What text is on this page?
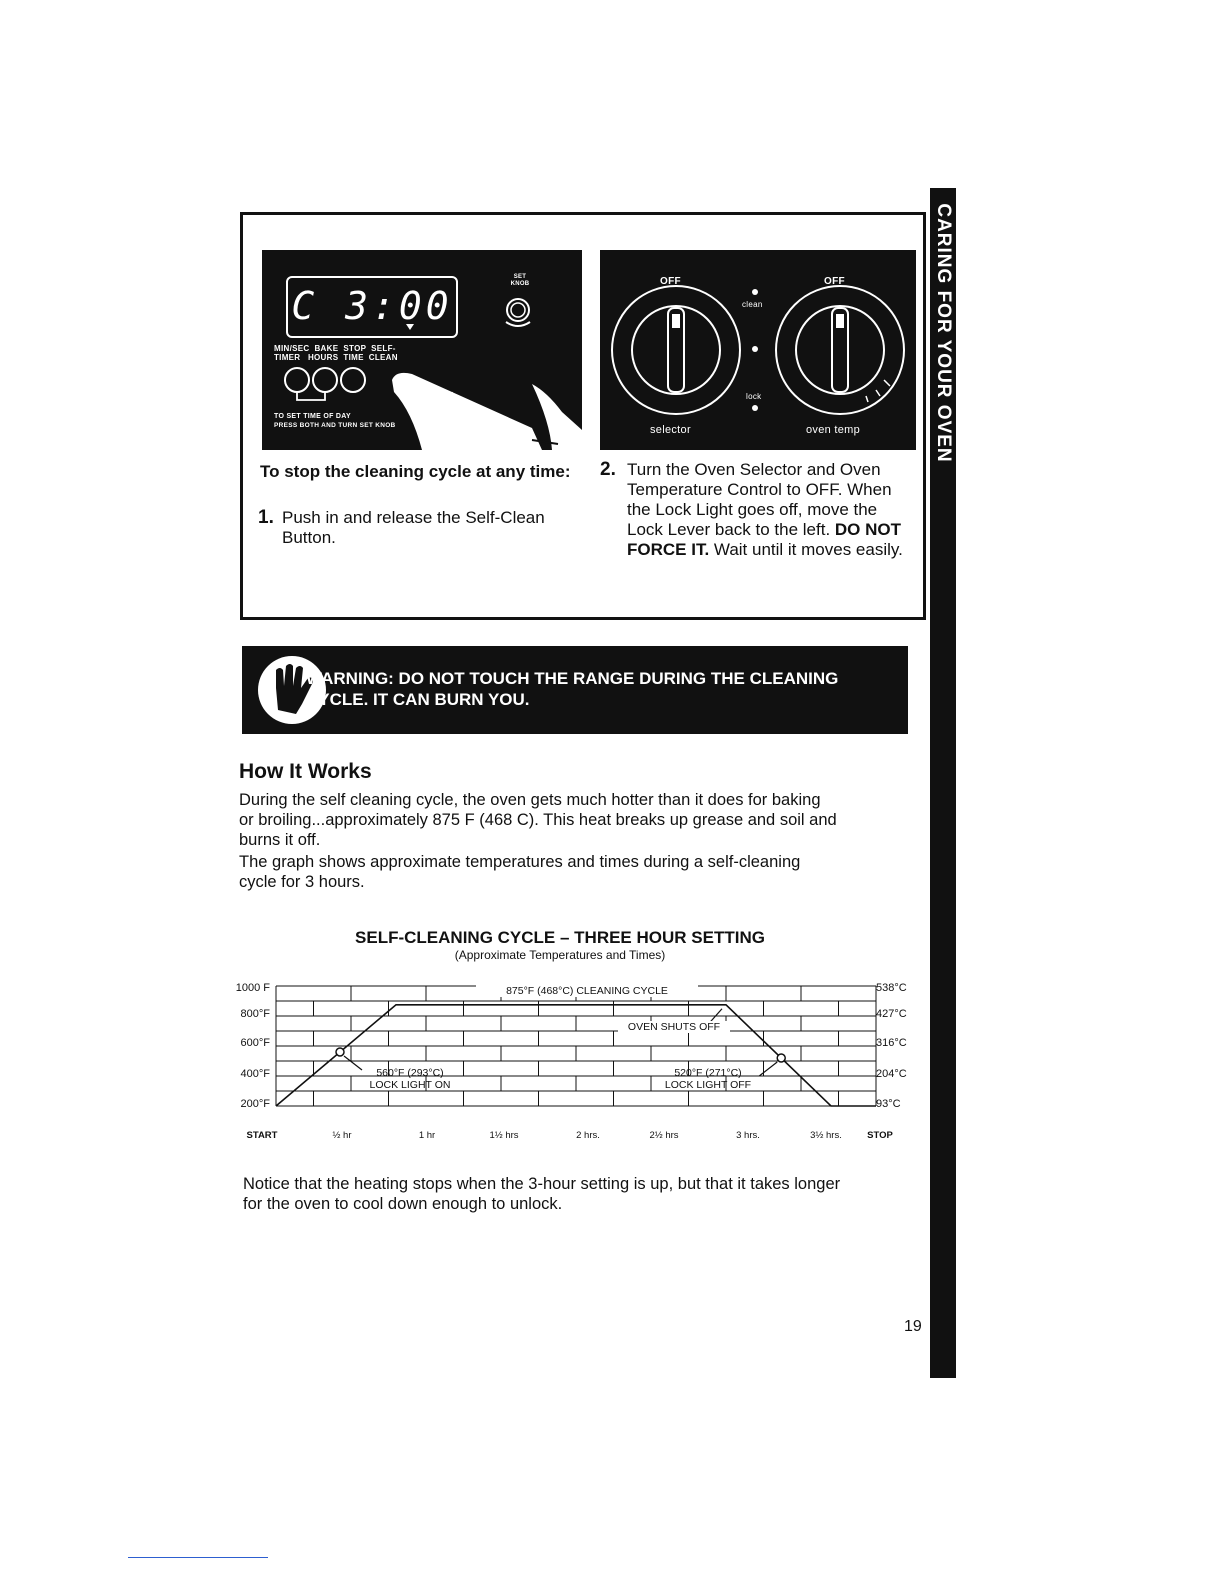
CARING FOR YOUR OVEN
C 3:00
SET
KNOB
MIN/SEC  BAKE  STOP  SELF-
TIMER   HOURS  TIME  CLEAN
TO SET TIME OF DAY
PRESS BOTH AND TURN SET KNOB
OFF	OFF
clean
lock
selector	oven temp
To stop the cleaning cycle at any time:
1. Push in and release the Self-Clean Button.
2. Turn the Oven Selector and Oven Temperature Control to OFF. When the Lock Light goes off, move the Lock Lever back to the left. DO NOT FORCE IT. Wait until it moves easily.
WARNING: DO NOT TOUCH THE RANGE DURING THE CLEANING
CYCLE. IT CAN BURN YOU.
How It Works
During the self cleaning cycle, the oven gets much hotter than it does for baking
or broiling...approximately 875 F (468 C). This heat breaks up grease and soil and
burns it off.
The graph shows approximate temperatures and times during a self-cleaning
cycle for 3 hours.
SELF-CLEANING CYCLE – THREE HOUR SETTING
(Approximate Temperatures and Times)
1000 F
800°F
600°F
400°F
200°F
538°C
427°C
316°C
204°C
93°C
875°F (468°C) CLEANING CYCLE
OVEN SHUTS OFF
560°F (293°C)
LOCK LIGHT ON
520°F (271°C)
LOCK LIGHT OFF
START	½ hr	1 hr	1½ hrs	2 hrs.	2½ hrs	3 hrs.	3½ hrs.	STOP
Notice that the heating stops when the 3-hour setting is up, but that it takes longer
for the oven to cool down enough to unlock.
19
